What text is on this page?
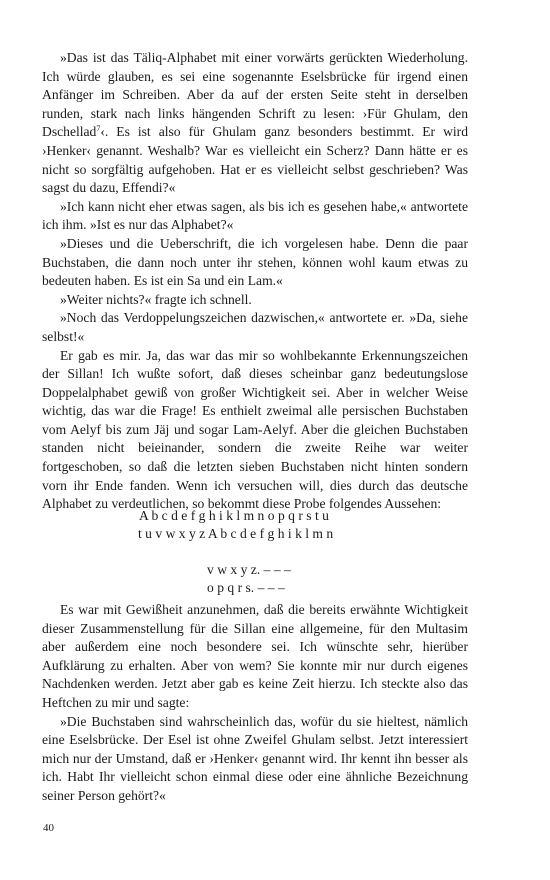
»Das ist das Täliq-Alphabet mit einer vorwärts gerückten Wiederholung. Ich würde glauben, es sei eine sogenannte Eselsbrücke für irgend einen Anfänger im Schreiben. Aber da auf der ersten Seite steht in derselben runden, stark nach links hängenden Schrift zu lesen: ›Für Ghulam, den Dschellad$^7$‹. Es ist also für Ghulam ganz besonders bestimmt. Er wird ›Henker‹ genannt. Weshalb? War es vielleicht ein Scherz? Dann hätte er es nicht so sorgfältig aufgehoben. Hat er es vielleicht selbst geschrieben? Was sagst du dazu, Effendi?«

»Ich kann nicht eher etwas sagen, als bis ich es gesehen habe,« antwortete ich ihm. »Ist es nur das Alphabet?«

»Dieses und die Ueberschrift, die ich vorgelesen habe. Denn die paar Buchstaben, die dann noch unter ihr stehen, können wohl kaum etwas zu bedeuten haben. Es ist ein Sa und ein Lam.«

»Weiter nichts?« fragte ich schnell.

»Noch das Verdoppelungszeichen dazwischen,« antwortete er. »Da, siehe selbst!«

Er gab es mir. Ja, das war das mir so wohlbekannte Erkennungszeichen der Sillan! Ich wußte sofort, daß dieses scheinbar ganz bedeutungslose Doppelalphabet gewiß von großer Wichtigkeit sei. Aber in welcher Weise wichtig, das war die Frage! Es enthielt zweimal alle persischen Buchstaben vom Aelyf bis zum Jäj und sogar Lam-Aelyf. Aber die gleichen Buchstaben standen nicht beieinander, sondern die zweite Reihe war weiter fortgeschoben, so daß die letzten sieben Buchstaben nicht hinten sondern vorn ihr Ende fanden. Wenn ich versuchen will, dies durch das deutsche Alphabet zu verdeutlichen, so bekommt diese Probe folgendes Aussehen:

A b c d e f g h i k l m n o p q r s t u
t u v w x y z A b c d e f g h i k l m n
v w x y z. – – –
o p q r s. – – –

Es war mit Gewißheit anzunehmen, daß die bereits erwähnte Wichtigkeit dieser Zusammenstellung für die Sillan eine allgemeine, für den Multasim aber außerdem eine noch besondere sei. Ich wünschte sehr, hierüber Aufklärung zu erhalten. Aber von wem? Sie konnte mir nur durch eigenes Nachdenken werden. Jetzt aber gab es keine Zeit hierzu. Ich steckte also das Heftchen zu mir und sagte:

»Die Buchstaben sind wahrscheinlich das, wofür du sie hieltest, nämlich eine Eselsbrücke. Der Esel ist ohne Zweifel Ghulam selbst. Jetzt interessiert mich nur der Umstand, daß er ›Henker‹ genannt wird. Ihr kennt ihn besser als ich. Habt Ihr vielleicht schon einmal diese oder eine ähnliche Bezeichnung seiner Person gehört?«

40
